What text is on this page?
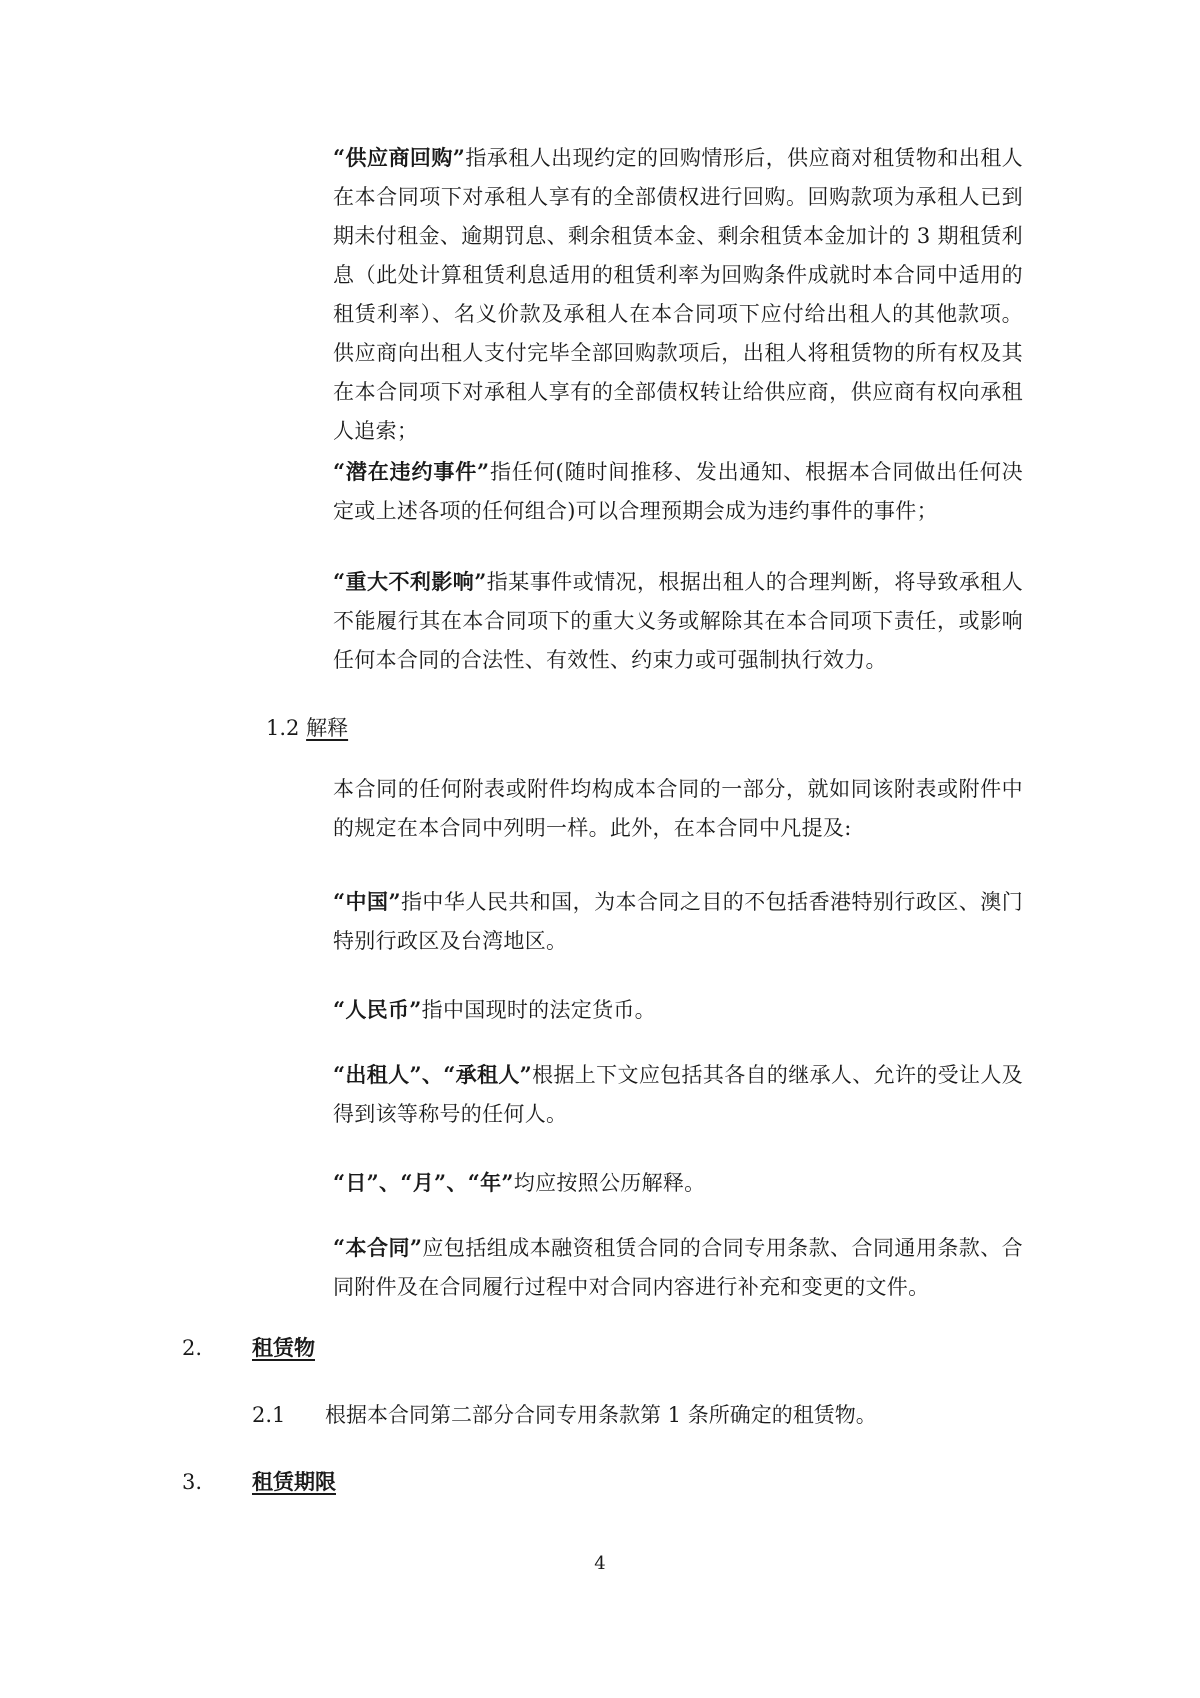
“供应商回购”指承租人出现约定的回购情形后，供应商对租赁物和出租人在本合同项下对承租人享有的全部债权进行回购。回购款项为承租人已到期未付租金、逾期罚息、剩余租赁本金、剩余租赁本金加计的 3 期租赁利息（此处计算租赁利息适用的租赁利率为回购条件成就时本合同中适用的租赁利率）、名义价款及承租人在本合同项下应付给出租人的其他款项。供应商向出租人支付完毕全部回购款项后，出租人将租赁物的所有权及其在本合同项下对承租人享有的全部债权转让给供应商，供应商有权向承租人追索；

“潜在违约事件”指任何(随时间推移、发出通知、根据本合同做出任何决定或上述各项的任何组合)可以合理预期会成为违约事件的事件；

“重大不利影响”指某事件或情况，根据出租人的合理判断，将导致承租人不能履行其在本合同项下的重大义务或解除其在本合同项下责任，或影响任何本合同的合法性、有效性、约束力或可强制执行效力。

1.2 解释

本合同的任何附表或附件均构成本合同的一部分，就如同该附表或附件中的规定在本合同中列明一样。此外，在本合同中凡提及:

“中国”指中华人民共和国，为本合同之目的不包括香港特别行政区、澳门特别行政区及台湾地区。

“人民币”指中国现时的法定货币。

“出租人”、“承租人”根据上下文应包括其各自的继承人、允许的受让人及得到该等称号的任何人。

“日”、“月”、“年”均应按照公历解释。

“本合同”应包括组成本融资租赁合同的合同专用条款、合同通用条款、合同附件及在合同履行过程中对合同内容进行补充和变更的文件。

2. 租赁物
2.1 根据本合同第二部分合同专用条款第 1 条所确定的租赁物。
3. 租赁期限
4
